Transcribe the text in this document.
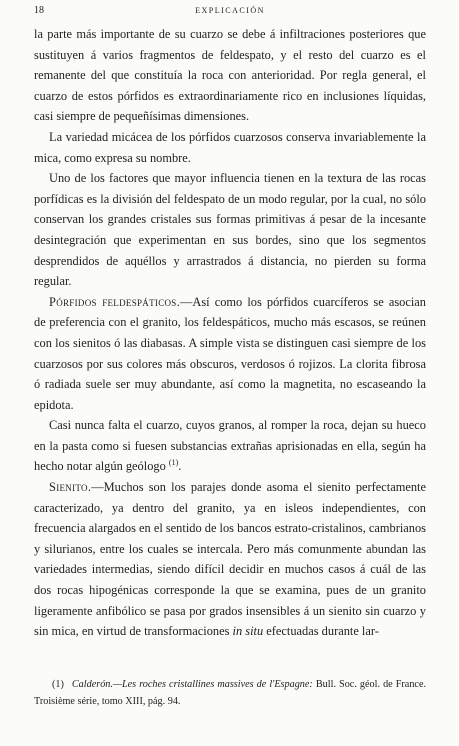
18	EXPLICACIÓN

la parte más importante de su cuarzo se debe á infiltraciones posteriores que sustituyen á varios fragmentos de feldespato, y el resto del cuarzo es el remanente del que constituía la roca con anterioridad. Por regla general, el cuarzo de estos pórfidos es extraordinariamente rico en inclusiones líquidas, casi siempre de pequeñísimas dimensiones.

La variedad micácea de los pórfidos cuarzosos conserva invariablemente la mica, como expresa su nombre.

Uno de los factores que mayor influencia tienen en la textura de las rocas porfídicas es la división del feldespato de un modo regular, por la cual, no sólo conservan los grandes cristales sus formas primitivas á pesar de la incesante desintegración que experimentan en sus bordes, sino que los segmentos desprendidos de aquéllos y arrastrados á distancia, no pierden su forma regular.

Pórfidos feldespáticos.—Así como los pórfidos cuarcíferos se asocian de preferencia con el granito, los feldespáticos, mucho más escasos, se reúnen con los sienitos ó las diabasas. A simple vista se distinguen casi siempre de los cuarzosos por sus colores más obscuros, verdosos ó rojizos. La clorita fibrosa ó radiada suele ser muy abundante, así como la magnetita, no escaseando la epidota.

Casi nunca falta el cuarzo, cuyos granos, al romper la roca, dejan su hueco en la pasta como si fuesen substancias extrañas aprisionadas en ella, según ha hecho notar algún geólogo $^{(1)}$.

Sienito.—Muchos son los parajes donde asoma el sienito perfectamente caracterizado, ya dentro del granito, ya en isleos independientes, con frecuencia alargados en el sentido de los bancos estrato-cristalinos, cambrianos y silurianos, entre los cuales se intercala. Pero más comunmente abundan las variedades intermedias, siendo difícil decidir en muchos casos á cuál de las dos rocas hipogénicas corresponde la que se examina, pues de un granito ligeramente anfibólico se pasa por grados insensibles á un sienito sin cuarzo y sin mica, en virtud de transformaciones in situ efectuadas durante lar-

(1) Calderón.—Les roches cristallines massives de l'Espagne: Bull. Soc. géol. de France. Troisième série, tomo XIII, pág. 94.
